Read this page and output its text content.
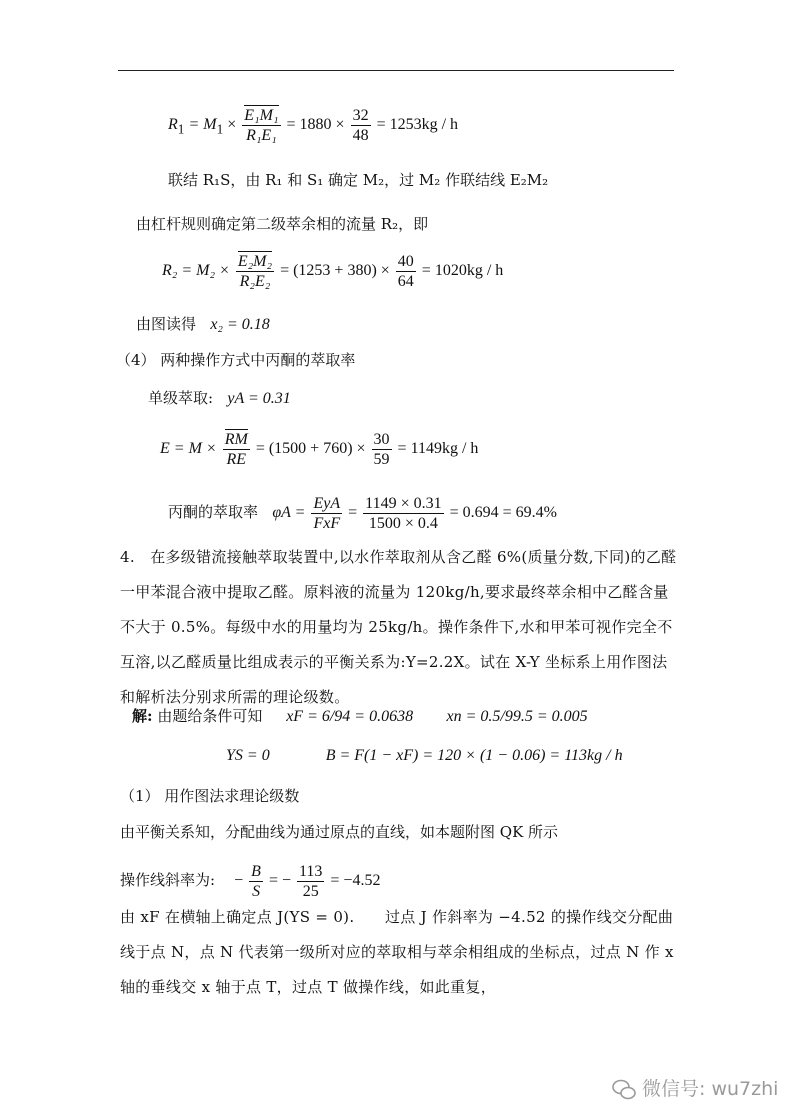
$R_1 = M_1 \times \frac{\text{E₁M₁}}{\text{R₁E₁}} = 1880 \times \frac{32}{48} = 1253kg / h$
联结 R₁S，由 R₁ 和 S₁ 确定 M₂，过 M₂ 作联结线 E₂M₂
由杠杆规则确定第二级萃余相的流量 R₂，即
$R_2 = M_2 \times \frac{\text{E₂M₂}}{\text{R₂E₂}} = (1253 + 380) \times \frac{40}{64} = 1020kg / h$
由图读得 x₂ = 0.18
（4） 两种操作方式中丙酮的萃取率
单级萃取: yA = 0.31
$E = M \times \frac{RM}{RE} = (1500 + 760) \times \frac{30}{59} = 1149kg / h$
丙酮的萃取率 $\varphi A = \frac{\text{EyA}}{\text{FxF}} = \frac{1149 \times 0.31}{1500 \times 0.4} = 0.694 = 69.4\%$
4.　在多级错流接触萃取装置中,以水作萃取剂从含乙醛 6%(质量分数,下同)的乙醛一甲苯混合液中提取乙醛。原料液的流量为 120kg/h,要求最终萃余相中乙醛含量不大于 0.5%。每级中水的用量均为 25kg/h。操作条件下,水和甲苯可视作完全不互溶,以乙醛质量比组成表示的平衡关系为:Y=2.2X。试在 X-Y 坐标系上用作图法和解析法分别求所需的理论级数。
解: 由题给条件可知 xF = 6/94 = 0.0638 xn = 0.5/99.5 = 0.005
YS = 0	B = F(1 − xF) = 120 × (1 − 0.06) = 113kg / h
（1） 用作图法求理论级数
由平衡关系知，分配曲线为通过原点的直线，如本题附图 QK 所示
操作线斜率为: − $\frac{B}{S}$ = − $\frac{113}{25} = -4.52$
由 xF 在横轴上确定点 J(YS = 0).　　过点 J 作斜率为 −4.52 的操作线交分配曲线于点 N，点 N 代表第一级所对应的萃取相与萃余相组成的坐标点，过点 N 作 x 轴的垂线交 x 轴于点 T，过点 T 做操作线，如此重复，
微信号: wu7zhi
